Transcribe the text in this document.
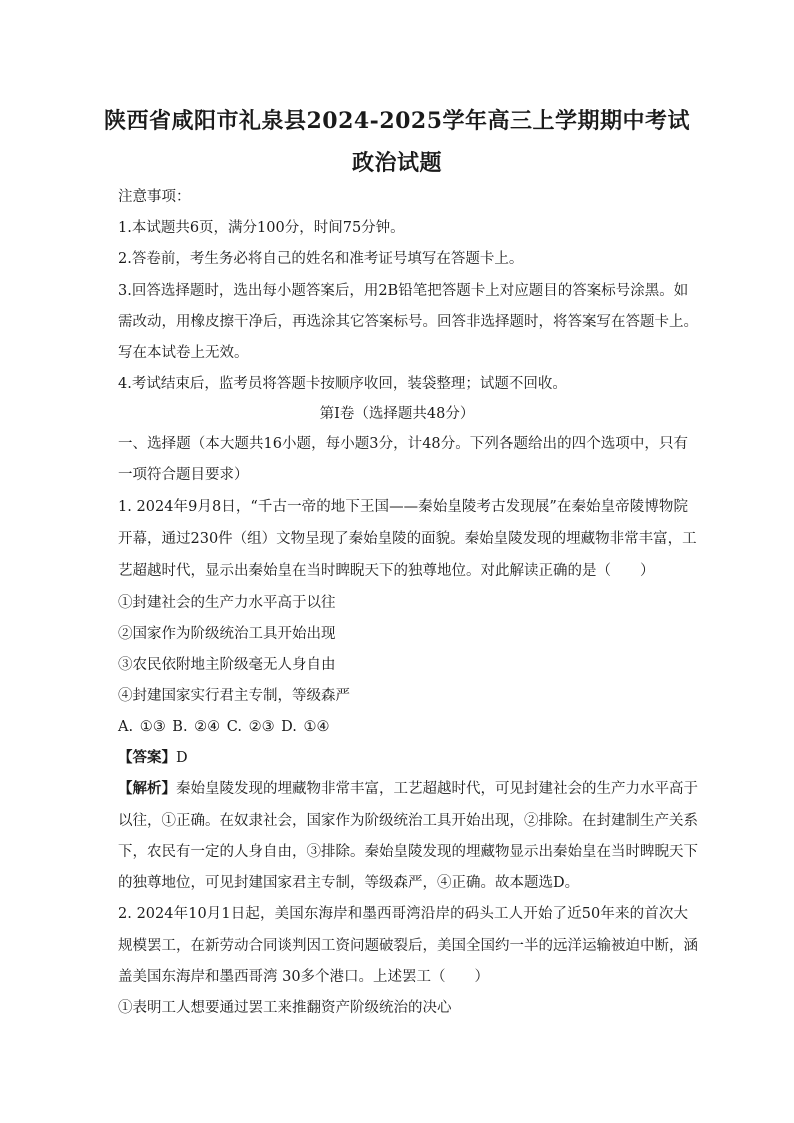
陕西省咸阳市礼泉县2024-2025学年高三上学期期中考试
政治试题
注意事项：
1.本试题共6页，满分100分，时间75分钟。
2.答卷前，考生务必将自己的姓名和准考证号填写在答题卡上。
3.回答选择题时，选出每小题答案后，用2B铅笔把答题卡上对应题目的答案标号涂黑。如
需改动，用橡皮擦干净后，再选涂其它答案标号。回答非选择题时，将答案写在答题卡上。
写在本试卷上无效。
4.考试结束后，监考员将答题卡按顺序收回，装袋整理；试题不回收。
第Ⅰ卷（选择题共48分）
一、选择题（本大题共16小题，每小题3分，计48分。下列各题给出的四个选项中，只有
一项符合题目要求）
1. 2024年9月8日，“千古一帝的地下王国——秦始皇陵考古发现展”在秦始皇帝陵博物院
开幕，通过230件（组）文物呈现了秦始皇陵的面貌。秦始皇陵发现的埋藏物非常丰富，工
艺超越时代，显示出秦始皇在当时睥睨天下的独尊地位。对此解读正确的是（　　）
①封建社会的生产力水平高于以往
②国家作为阶级统治工具开始出现
③农民依附地主阶级毫无人身自由
④封建国家实行君主专制，等级森严
A. ①③ B. ②④ C. ②③ D. ①④
【答案】D
【解析】秦始皇陵发现的埋藏物非常丰富，工艺超越时代，可见封建社会的生产力水平高于
以往，①正确。在奴隶社会，国家作为阶级统治工具开始出现，②排除。在封建制生产关系
下，农民有一定的人身自由，③排除。秦始皇陵发现的埋藏物显示出秦始皇在当时睥睨天下
的独尊地位，可见封建国家君主专制，等级森严，④正确。故本题选D。
2. 2024年10月1日起，美国东海岸和墨西哥湾沿岸的码头工人开始了近50年来的首次大
规模罢工，在新劳动合同谈判因工资问题破裂后，美国全国约一半的远洋运输被迫中断，涵
盖美国东海岸和墨西哥湾 30多个港口。上述罢工（　　）
①表明工人想要通过罢工来推翻资产阶级统治的决心
